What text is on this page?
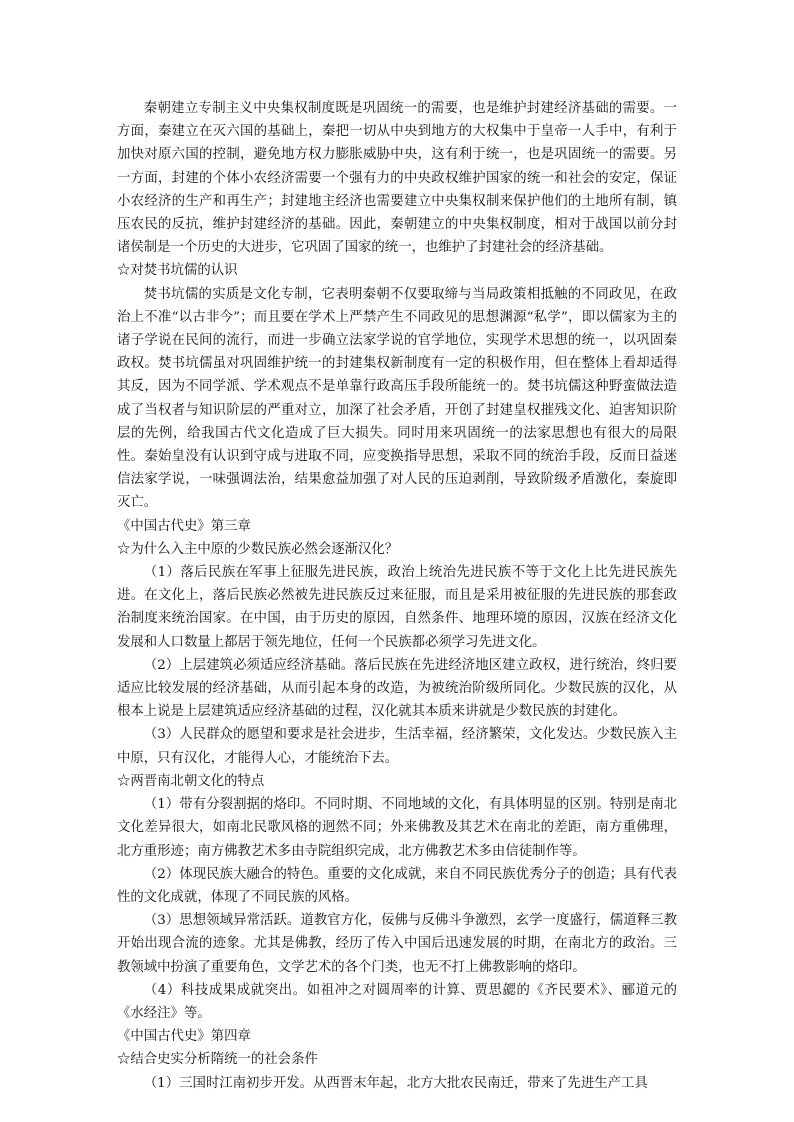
秦朝建立专制主义中央集权制度既是巩固统一的需要，也是维护封建经济基础的需要。一方面，秦建立在灭六国的基础上，秦把一切从中央到地方的大权集中于皇帝一人手中，有利于加快对原六国的控制，避免地方权力膨胀威胁中央，这有利于统一，也是巩固统一的需要。另一方面，封建的个体小农经济需要一个强有力的中央政权维护国家的统一和社会的安定，保证小农经济的生产和再生产；封建地主经济也需要建立中央集权制来保护他们的土地所有制，镇压农民的反抗，维护封建经济的基础。因此，秦朝建立的中央集权制度，相对于战国以前分封诸侯制是一个历史的大进步，它巩固了国家的统一，也维护了封建社会的经济基础。

☆对焚书坑儒的认识

焚书坑儒的实质是文化专制，它表明秦朝不仅要取缔与当局政策相抵触的不同政见，在政治上不准“以古非今”；而且要在学术上严禁产生不同政见的思想渊源“私学”，即以儒家为主的诸子学说在民间的流行，而进一步确立法家学说的官学地位，实现学术思想的统一，以巩固秦政权。焚书坑儒虽对巩固维护统一的封建集权新制度有一定的积极作用，但在整体上看却适得其反，因为不同学派、学术观点不是单靠行政高压手段所能统一的。焚书坑儒这种野蛮做法造成了当权者与知识阶层的严重对立，加深了社会矛盾，开创了封建皇权摧残文化、迫害知识阶层的先例，给我国古代文化造成了巨大损失。同时用来巩固统一的法家思想也有很大的局限性。秦始皇没有认识到守成与进取不同，应变换指导思想，采取不同的统治手段，反而日益迷信法家学说，一味强调法治，结果愈益加强了对人民的压迫剥削，导致阶级矛盾激化，秦旋即灭亡。

《中国古代史》第三章

☆为什么入主中原的少数民族必然会逐渐汉化？

（1）落后民族在军事上征服先进民族，政治上统治先进民族不等于文化上比先进民族先进。在文化上，落后民族必然被先进民族反过来征服，而且是采用被征服的先进民族的那套政治制度来统治国家。在中国，由于历史的原因，自然条件、地理环境的原因，汉族在经济文化发展和人口数量上都居于领先地位，任何一个民族都必须学习先进文化。

（2）上层建筑必须适应经济基础。落后民族在先进经济地区建立政权，进行统治，终归要适应比较发展的经济基础，从而引起本身的改造，为被统治阶级所同化。少数民族的汉化，从根本上说是上层建筑适应经济基础的过程，汉化就其本质来讲就是少数民族的封建化。

（3）人民群众的愿望和要求是社会进步，生活幸福，经济繁荣，文化发达。少数民族入主中原，只有汉化，才能得人心，才能统治下去。

☆两晋南北朝文化的特点

（1）带有分裂割据的烙印。不同时期、不同地域的文化，有具体明显的区别。特别是南北文化差异很大，如南北民歌风格的迥然不同；外来佛教及其艺术在南北的差距，南方重佛理，北方重形迹；南方佛教艺术多由寺院组织完成，北方佛教艺术多由信徒制作等。

（2）体现民族大融合的特色。重要的文化成就，来自不同民族优秀分子的创造；具有代表性的文化成就，体现了不同民族的风格。

（3）思想领域异常活跃。道教官方化，佞佛与反佛斗争激烈，玄学一度盛行，儒道释三教开始出现合流的迹象。尤其是佛教，经历了传入中国后迅速发展的时期，在南北方的政治。三教领域中扮演了重要角色，文学艺术的各个门类，也无不打上佛教影响的烙印。

（4）科技成果成就突出。如祖冲之对圆周率的计算、贾思勰的《齐民要术》、郦道元的《水经注》等。

《中国古代史》第四章

☆结合史实分析隋统一的社会条件

（1）三国时江南初步开发。从西晋末年起，北方大批农民南迁，带来了先进生产工具
